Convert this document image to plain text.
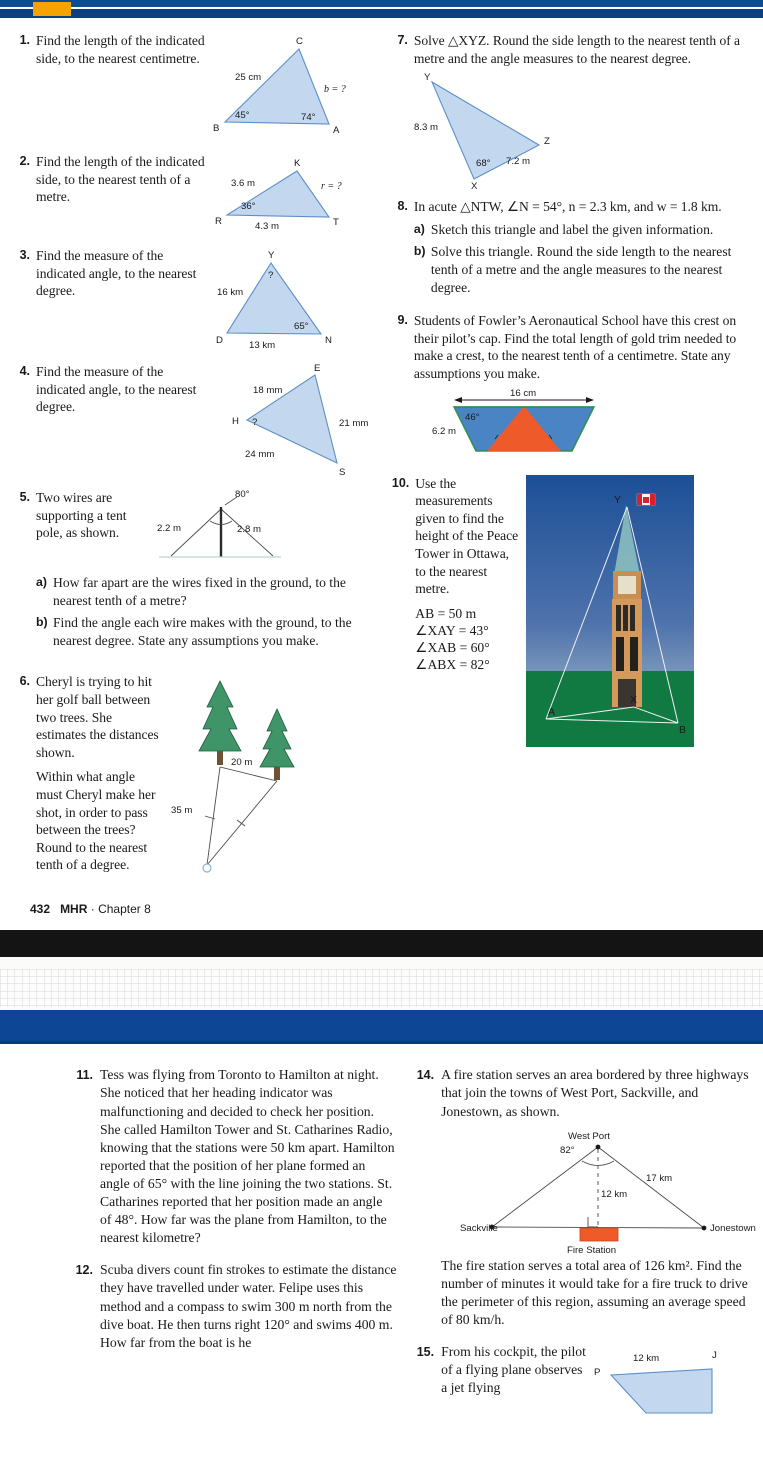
1. Find the length of the indicated side, to the nearest centimetre.
C
B	A
25 cm
b = ?
45°	74°
2. Find the length of the indicated side, to the nearest tenth of a metre.
K
R	T
3.6 m	r = ?
36°
4.3 m
3. Find the measure of the indicated angle, to the nearest degree.
Y
D	N
16 km
?
65°
13 km
4. Find the measure of the indicated angle, to the nearest degree.
E
H
S
18 mm
21 mm
24 mm
?
5. Two wires are supporting a tent pole, as shown.
80°
2.2 m	2.8 m
a) How far apart are the wires fixed in the ground, to the nearest tenth of a metre?
b) Find the angle each wire makes with the ground, to the nearest degree. State any assumptions you make.
6. Cheryl is trying to hit her golf ball between two trees. She estimates the distances shown.
Within what angle must Cheryl make her shot, in order to pass between the trees? Round to the nearest tenth of a degree.
20 m
35 m
7. Solve △XYZ. Round the side length to the nearest tenth of a metre and the angle measures to the nearest degree.
Y
Z
X
8.3 m
7.2 m
68°
8. In acute △NTW, ∠N = 54°, n = 2.3 km, and w = 1.8 km.
a) Sketch this triangle and label the given information.
b) Solve this triangle. Round the side length to the nearest tenth of a metre and the angle measures to the nearest degree.
9. Students of Fowler’s Aeronautical School have this crest on their pilot’s cap. Find the total length of gold trim needed to make a crest, to the nearest tenth of a centimetre. State any assumptions you make.
16 cm
46°
6.2 m
10. Use the measurements given to find the height of the Peace Tower in Ottawa, to the nearest metre.
AB = 50 m
∠XAY = 43°
∠XAB = 60°
∠ABX = 82°
Y
A
X
B
432 MHR · Chapter 8
11. Tess was flying from Toronto to Hamilton at night. She noticed that her heading indicator was malfunctioning and decided to check her position. She called Hamilton Tower and St. Catharines Radio, knowing that the stations were 50 km apart. Hamilton reported that the position of her plane formed an angle of 65° with the line joining the two stations. St. Catharines reported that her position made an angle of 48°. How far was the plane from Hamilton, to the nearest kilometre?
12. Scuba divers count fin strokes to estimate the distance they have travelled under water. Felipe uses this method and a compass to swim 300 m north from the dive boat. He then turns right 120° and swims 400 m. How far from the boat is he
14. A fire station serves an area bordered by three highways that join the towns of West Port, Sackville, and Jonestown, as shown.
West Port
82°
17 km
12 km
Sackville	Jonestown
Fire Station
The fire station serves a total area of 126 km². Find the number of minutes it would take for a fire truck to drive the perimeter of this region, assuming an average speed of 80 km/h.
15. From his cockpit, the pilot of a flying plane observes a jet flying
12 km
P
J
